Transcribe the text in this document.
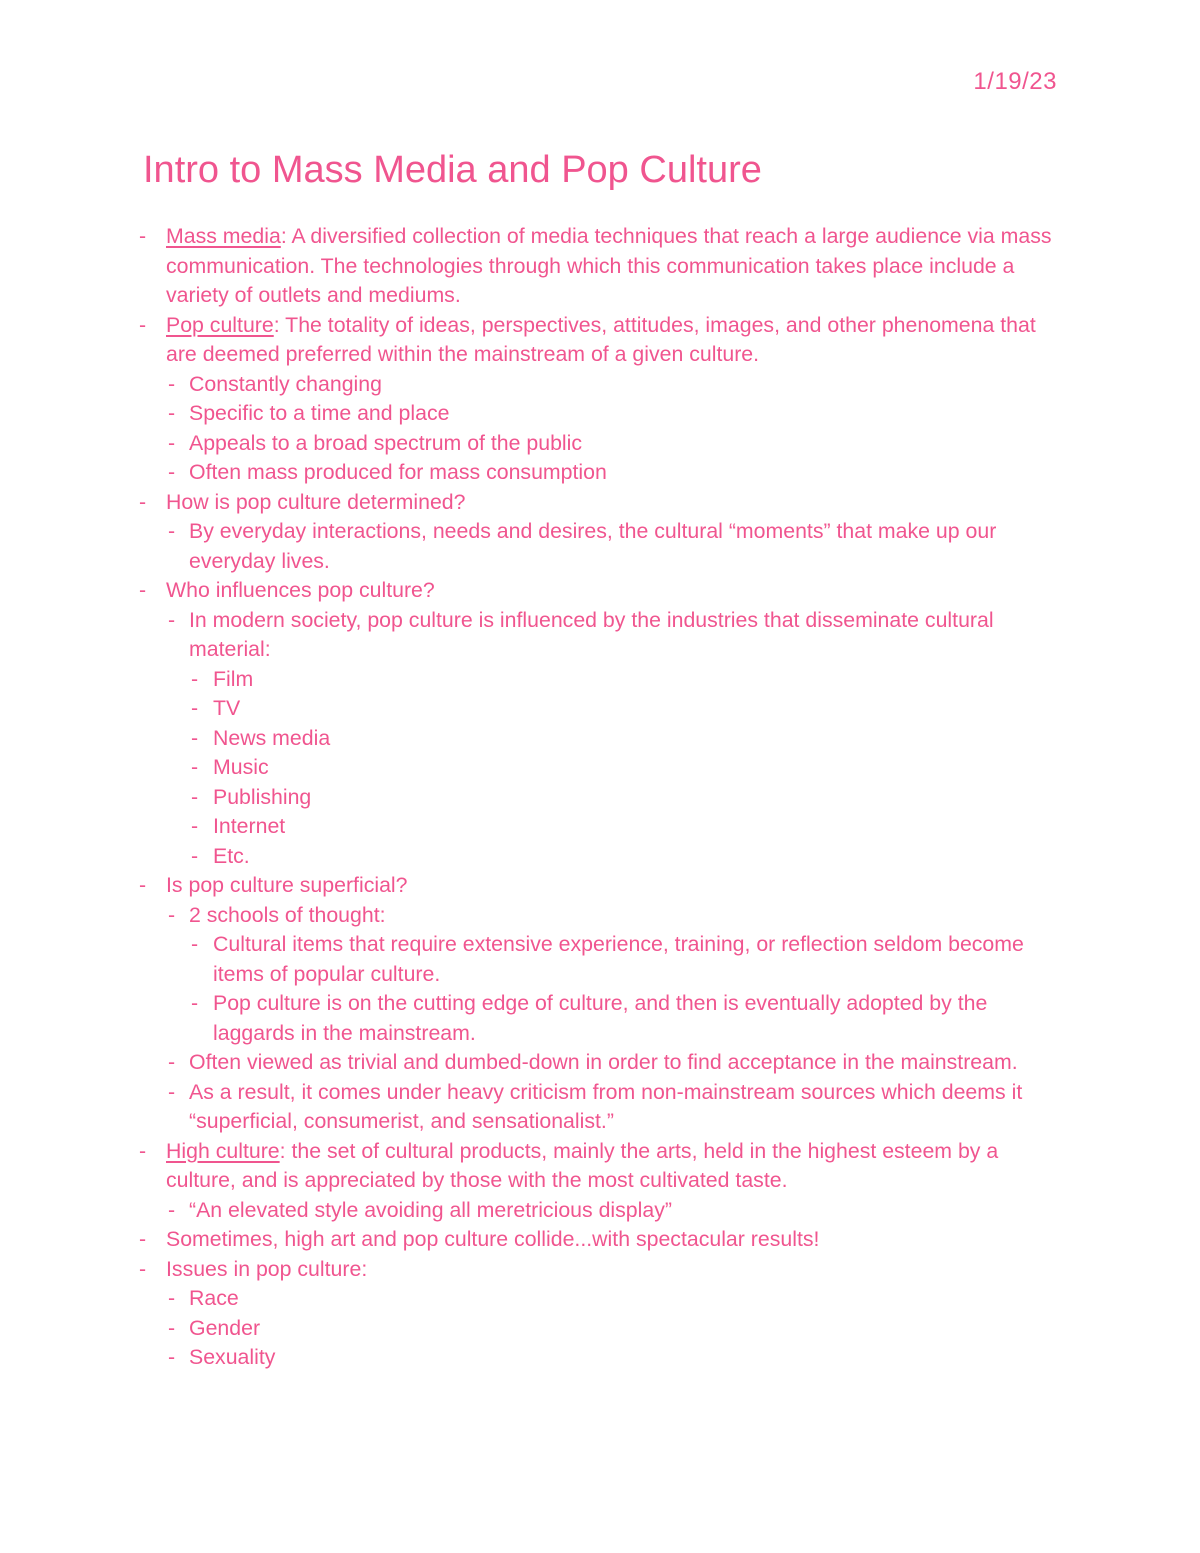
1/19/23
Intro to Mass Media and Pop Culture
- Mass media: A diversified collection of media techniques that reach a large audience via mass communication. The technologies through which this communication takes place include a variety of outlets and mediums.
- Pop culture: The totality of ideas, perspectives, attitudes, images, and other phenomena that are deemed preferred within the mainstream of a given culture.
- Constantly changing
- Specific to a time and place
- Appeals to a broad spectrum of the public
- Often mass produced for mass consumption
- How is pop culture determined?
- By everyday interactions, needs and desires, the cultural “moments” that make up our everyday lives.
- Who influences pop culture?
- In modern society, pop culture is influenced by the industries that disseminate cultural material:
- Film
- TV
- News media
- Music
- Publishing
- Internet
- Etc.
- Is pop culture superficial?
- 2 schools of thought:
- Cultural items that require extensive experience, training, or reflection seldom become items of popular culture.
- Pop culture is on the cutting edge of culture, and then is eventually adopted by the laggards in the mainstream.
- Often viewed as trivial and dumbed-down in order to find acceptance in the mainstream.
- As a result, it comes under heavy criticism from non-mainstream sources which deems it “superficial, consumerist, and sensationalist.”
- High culture: the set of cultural products, mainly the arts, held in the highest esteem by a culture, and is appreciated by those with the most cultivated taste.
- “An elevated style avoiding all meretricious display”
- Sometimes, high art and pop culture collide...with spectacular results!
- Issues in pop culture:
- Race
- Gender
- Sexuality
